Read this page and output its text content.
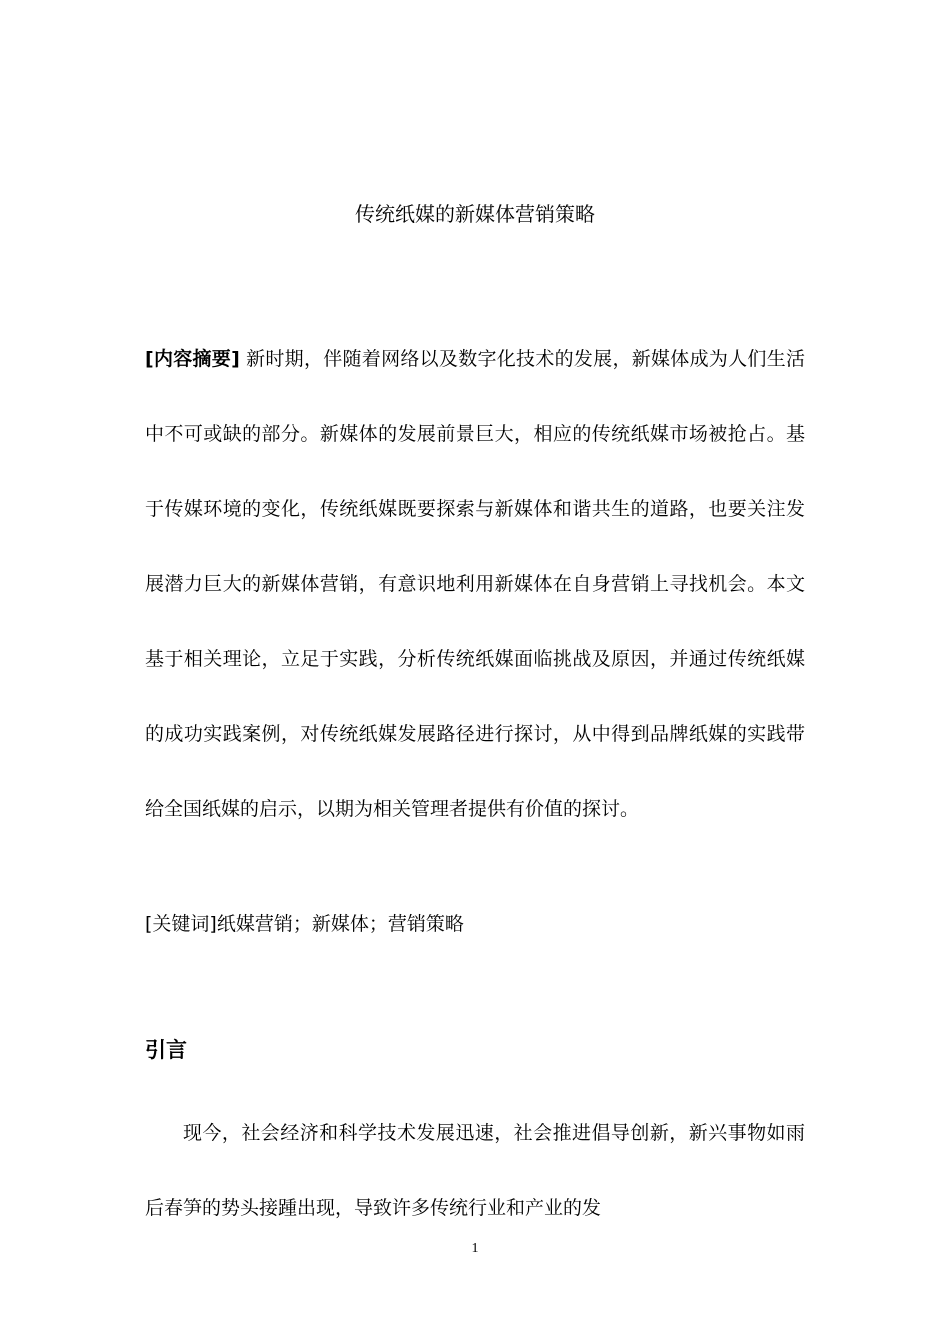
传统纸媒的新媒体营销策略

[内容摘要] 新时期，伴随着网络以及数字化技术的发展，新媒体成为人们生活中不可或缺的部分。新媒体的发展前景巨大，相应的传统纸媒市场被抢占。基于传媒环境的变化，传统纸媒既要探索与新媒体和谐共生的道路，也要关注发展潜力巨大的新媒体营销，有意识地利用新媒体在自身营销上寻找机会。本文基于相关理论，立足于实践，分析传统纸媒面临挑战及原因，并通过传统纸媒的成功实践案例，对传统纸媒发展路径进行探讨，从中得到品牌纸媒的实践带给全国纸媒的启示，以期为相关管理者提供有价值的探讨。

[关键词]纸媒营销；新媒体；营销策略

引言

现今，社会经济和科学技术发展迅速，社会推进倡导创新，新兴事物如雨后春笋的势头接踵出现，导致许多传统行业和产业的发

1
